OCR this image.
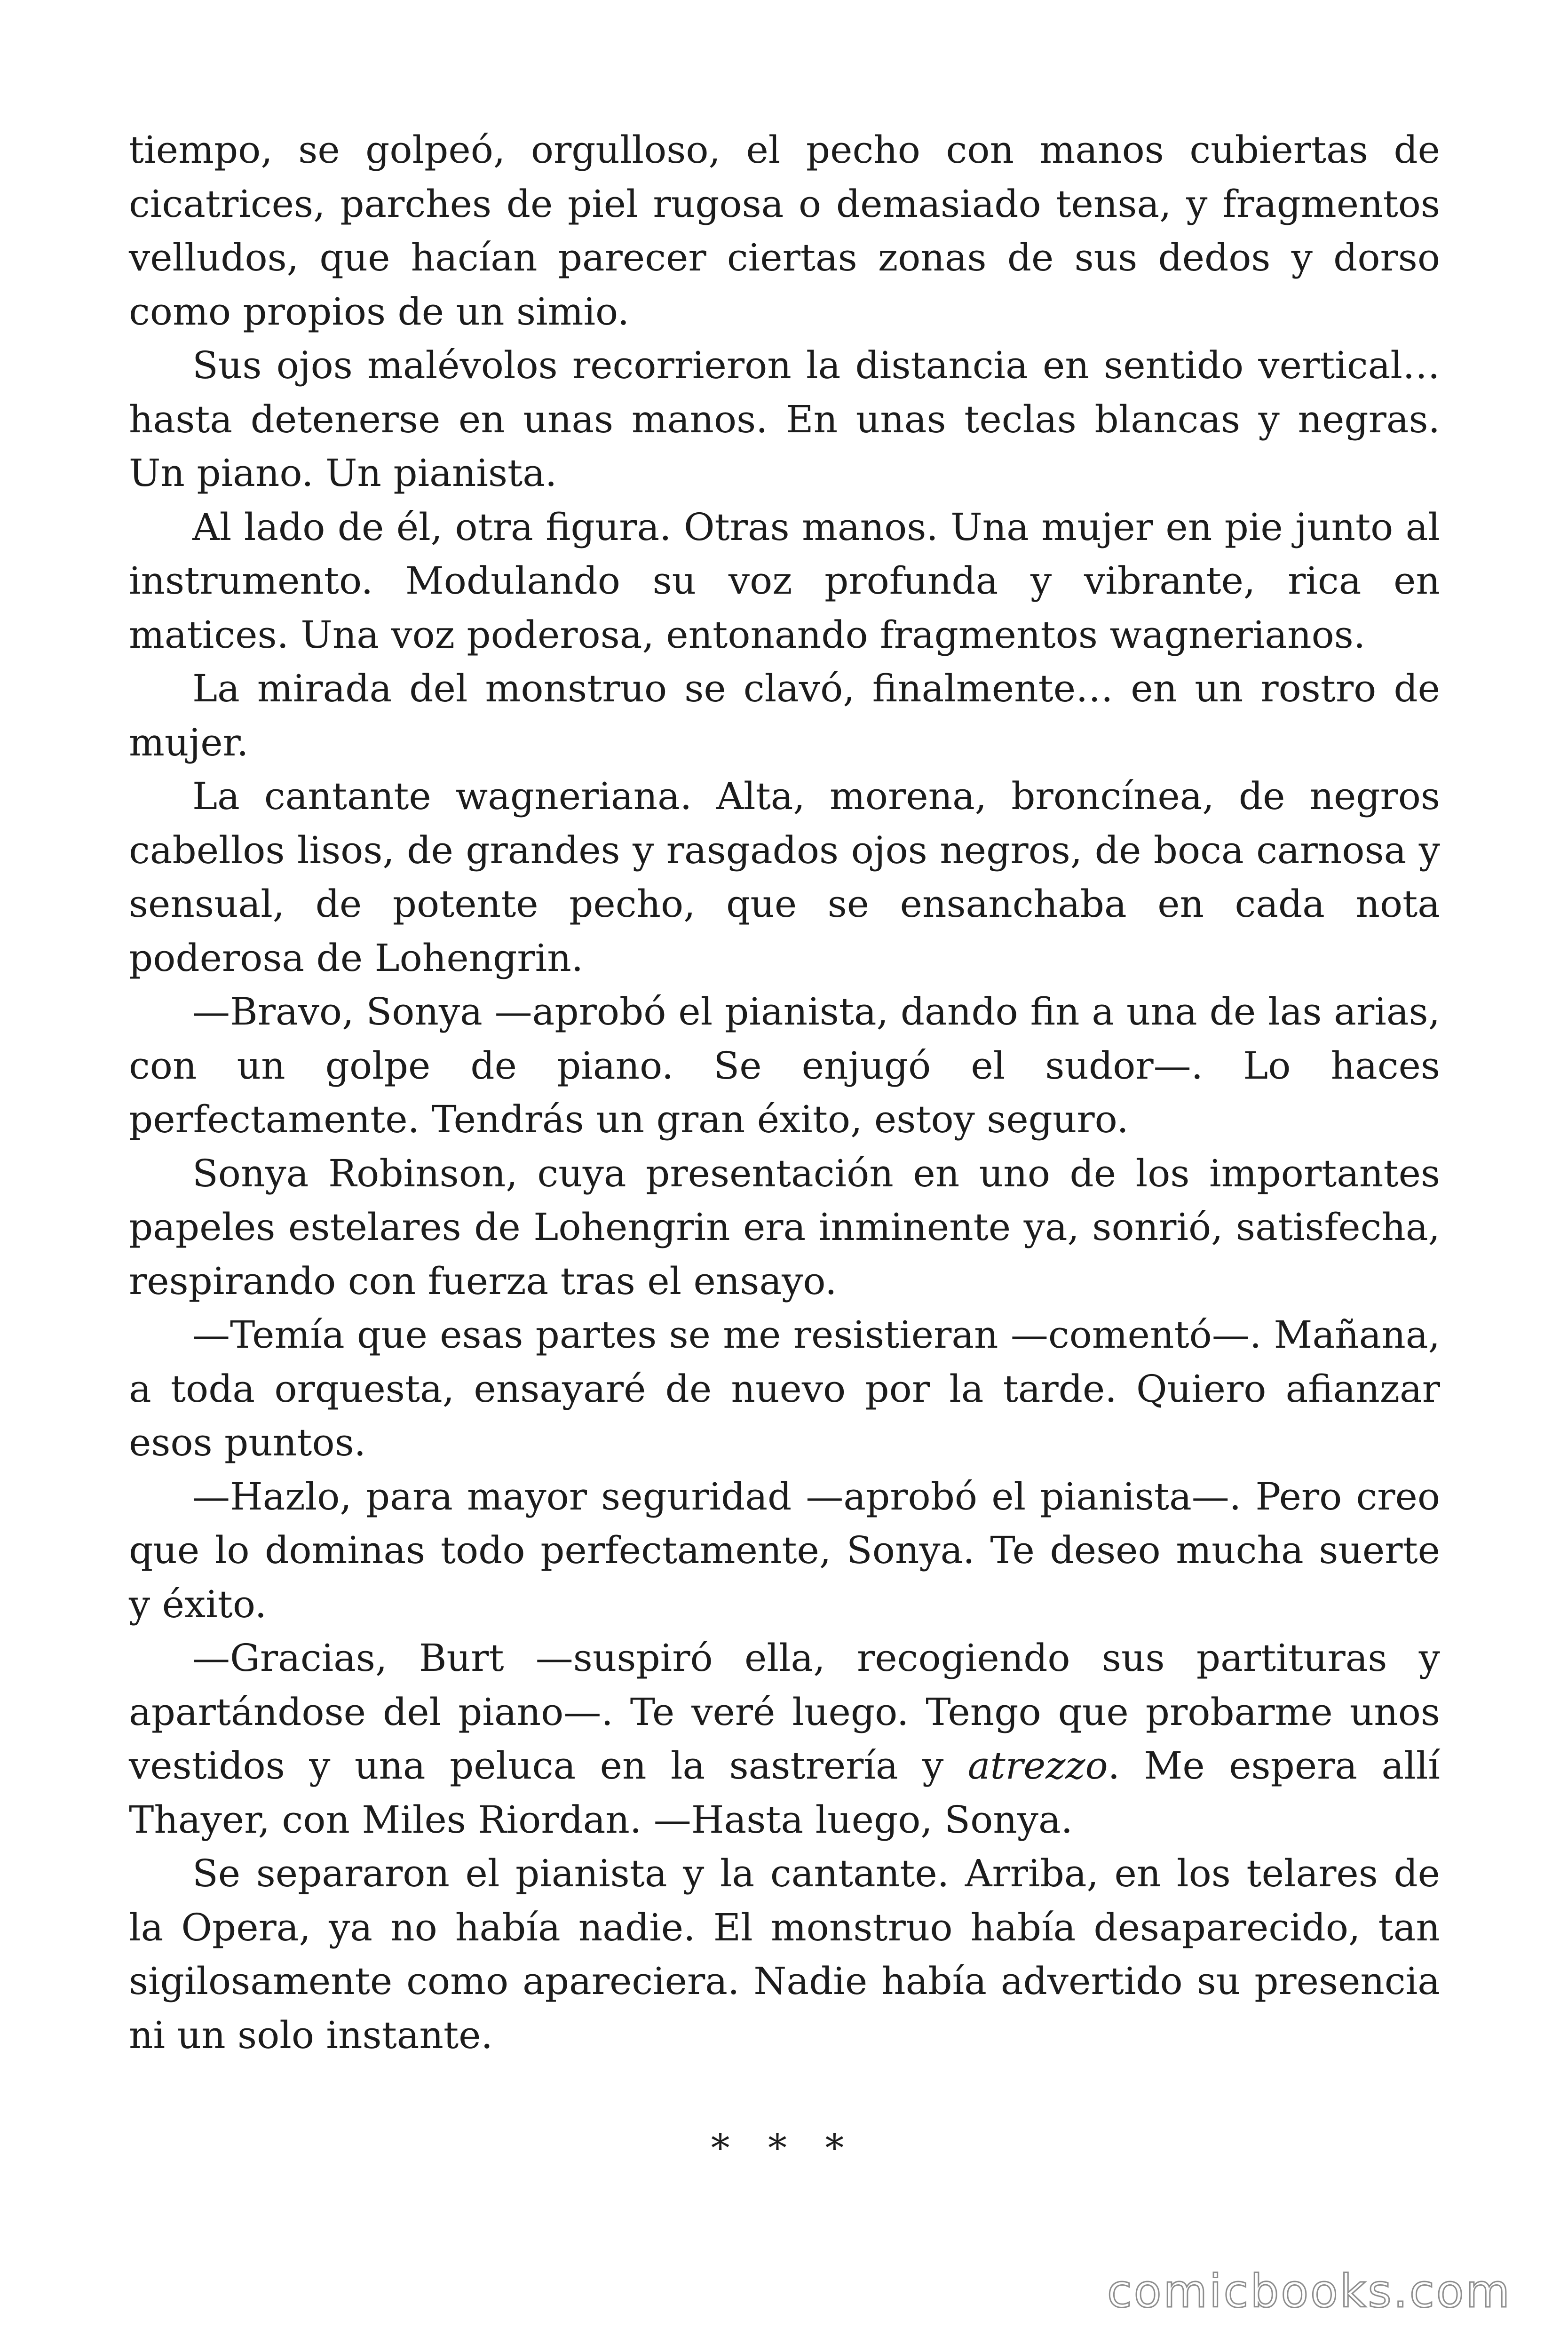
tiempo, se golpeó, orgulloso, el pecho con manos cubiertas de cicatrices, parches de piel rugosa o demasiado tensa, y fragmentos velludos, que hacían parecer ciertas zonas de sus dedos y dorso como propios de un simio.

Sus ojos malévolos recorrieron la distancia en sentido vertical… hasta detenerse en unas manos. En unas teclas blancas y negras. Un piano. Un pianista.

Al lado de él, otra figura. Otras manos. Una mujer en pie junto al instrumento. Modulando su voz profunda y vibrante, rica en matices. Una voz poderosa, entonando fragmentos wagnerianos.

La mirada del monstruo se clavó, finalmente… en un rostro de mujer.

La cantante wagneriana. Alta, morena, broncínea, de negros cabellos lisos, de grandes y rasgados ojos negros, de boca carnosa y sensual, de potente pecho, que se ensanchaba en cada nota poderosa de Lohengrin.

—Bravo, Sonya —aprobó el pianista, dando fin a una de las arias, con un golpe de piano. Se enjugó el sudor—. Lo haces perfectamente. Tendrás un gran éxito, estoy seguro.

Sonya Robinson, cuya presentación en uno de los importantes papeles estelares de Lohengrin era inminente ya, sonrió, satisfecha, respirando con fuerza tras el ensayo.

—Temía que esas partes se me resistieran —comentó—. Mañana, a toda orquesta, ensayaré de nuevo por la tarde. Quiero afianzar esos puntos.

—Hazlo, para mayor seguridad —aprobó el pianista—. Pero creo que lo dominas todo perfectamente, Sonya. Te deseo mucha suerte y éxito.

—Gracias, Burt —suspiró ella, recogiendo sus partituras y apartándose del piano—. Te veré luego. Tengo que probarme unos vestidos y una peluca en la sastrería y atrezzo. Me espera allí Thayer, con Miles Riordan. —Hasta luego, Sonya.

Se separaron el pianista y la cantante. Arriba, en los telares de la Opera, ya no había nadie. El monstruo había desaparecido, tan sigilosamente como apareciera. Nadie había advertido su presencia ni un solo instante.

* * *
comicbooks.com
